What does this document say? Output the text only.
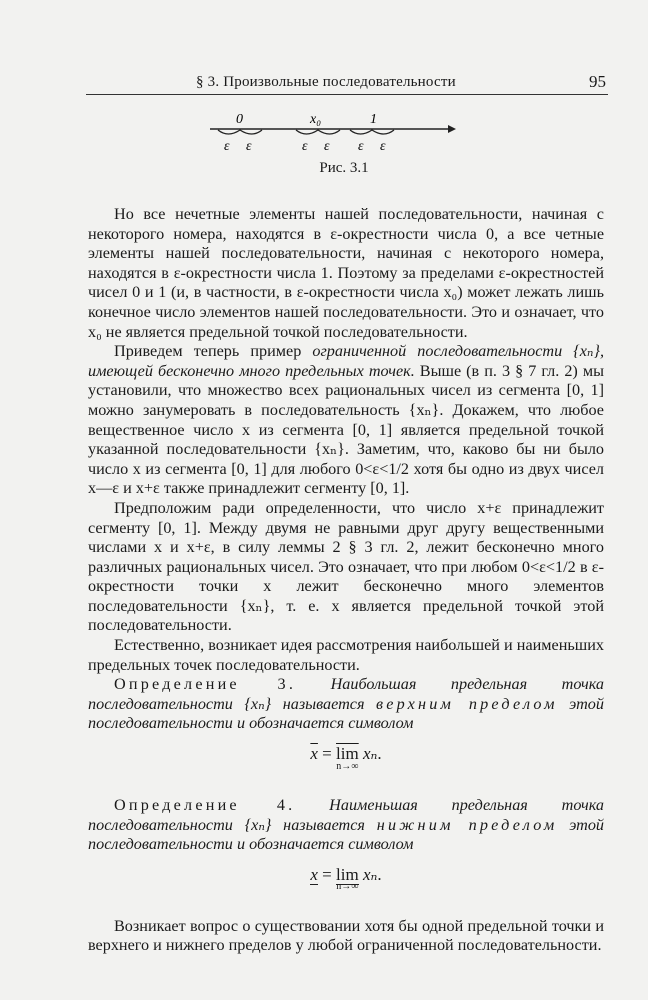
§ 3. Произвольные последовательности	95
0	x₀	1
ε ε	ε ε ε ε
Рис. 3.1

Но все нечетные элементы нашей последовательности, начиная с некоторого номера, находятся в ε-окрестности числа 0, а все четные элементы нашей последовательности, начиная с некоторого номера, находятся в ε-окрестности числа 1. Поэтому за пределами ε-окрестностей чисел 0 и 1 (и, в частности, в ε-окрестности числа x₀) может лежать лишь конечное число элементов нашей последовательности. Это и означает, что x₀ не является предельной точкой последовательности.

Приведем теперь пример ограниченной последовательности {xₙ}, имеющей бесконечно много предельных точек. Выше (в п. 3 § 7 гл. 2) мы установили, что множество всех рациональных чисел из сегмента [0, 1] можно занумеровать в последовательность {xₙ}. Докажем, что любое вещественное число x из сегмента [0, 1] является предельной точкой указанной последовательности {xₙ}. Заметим, что, каково бы ни было число x из сегмента [0, 1] для любого 0<ε<1/2 хотя бы одно из двух чисел x—ε и x+ε также принадлежит сегменту [0, 1].

Предположим ради определенности, что число x+ε принадлежит сегменту [0, 1]. Между двумя не равными друг другу вещественными числами x и x+ε, в силу леммы 2 § 3 гл. 2, лежит бесконечно много различных рациональных чисел. Это означает, что при любом 0<ε<1/2 в ε-окрестности точки x лежит бесконечно много элементов последовательности {xₙ}, т. е. x является предельной точкой этой последовательности.

Естественно, возникает идея рассмотрения наибольшей и наименьших предельных точек последовательности.

Определение 3. Наибольшая предельная точка последовательности {xₙ} называется верхним пределом этой последовательности и обозначается символом

$\overline{x} = \overline{lim}$
n→∞
xₙ.

Определение 4. Наименьшая предельная точка последовательности {xₙ} называется нижним пределом этой последовательности и обозначается символом

x = lim
n→∞
xₙ.

Возникает вопрос о существовании хотя бы одной предельной точки и верхнего и нижнего пределов у любой ограниченной последовательности.
